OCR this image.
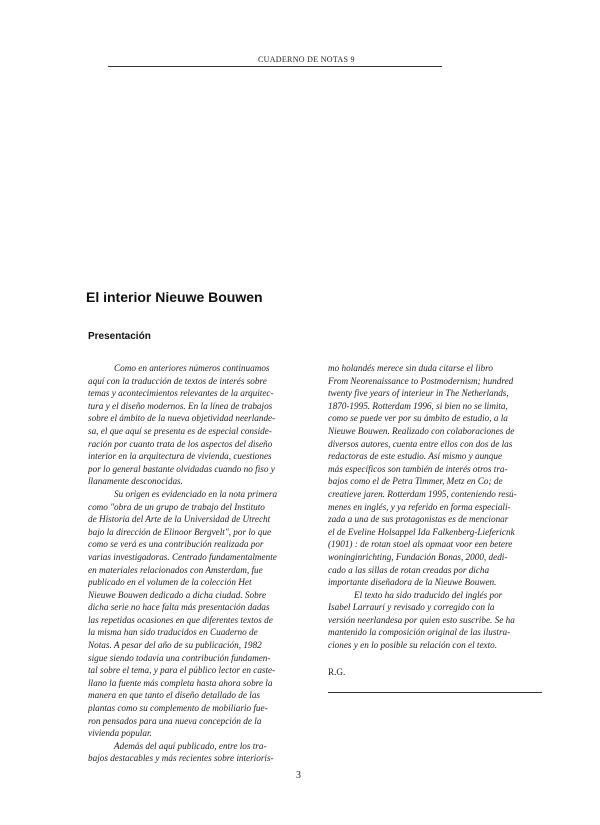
CUADERNO DE NOTAS 9
El interior Nieuwe Bouwen
Presentación

Como en anteriores números continuamos
aquí con la traducción de textos de interés sobre
temas y acontecimientos relevantes de la arquitec-
tura y el diseño modernos. En la línea de trabajos
sobre el ámbito de la nueva objetividad neerlande-
sa, el que aquí se presenta es de especial conside-
ración por cuanto trata de los aspectos del diseño
interior en la arquitectura de vivienda, cuestiones
por lo general bastante olvidadas cuando no fiso y
llanamente desconocidas.

Su origen es evidenciado en la nota primera
como "obra de un grupo de trabajo del Instituto
de Historia del Arte de la Universidad de Utrecht
bajo la dirección de Elinoor Bergvelt", por lo que
como se verá es una contribución realizada por
varias investigadoras. Centrado fundamentalmente
en materiales relacionados con Amsterdam, fue
publicado en el volumen de la colección Het
Nieuwe Bouwen dedicado a dicha ciudad. Sobre
dicha serie no hace falta más presentación dadas
las repetidas ocasiones en que diferentes textos de
la misma han sido traducidos en Cuaderno de
Notas. A pesar del año de su publicación, 1982
sigue siendo todavía una contribución fundamen-
tal sobre el tema, y para el público lector en caste-
llano la fuente más completa hasta ahora sobre la
manera en que tanto el diseño detallado de las
plantas como su complemento de mobiliario fue-
ron pensados para una nueva concepción de la
vivienda popular.

Además del aquí publicado, entre los tra-
bajos destacables y más recientes sobre interioris-

mo holandés merece sin duda citarse el libro
From Neorenaissance to Postmodernism; hundred
twenty five years of interieur in The Netherlands,
1870-1995. Rotterdam 1996, si bien no se limita,
como se puede ver por su ámbito de estudio, a la
Nieuwe Bouwen. Realizado con colaboraciones de
diversos autores, cuenta entre ellos con dos de las
redactoras de este estudio. Así mismo y aunque
más específicos son también de interés otros tra-
bajos como el de Petra Timmer, Metz en Co; de
creatieve jaren. Rotterdam 1995, conteniendo resú-
menes en inglés, y ya referido en forma especiali-
zada a una de sus protagonistas es de mencionar
el de Eveline Holsappel Ida Falkenberg-Liefericnk
(1901) : de rotan stoel als opmaat voor een betere
woninginrichting, Fundación Bonas, 2000, dedi-
cado a las sillas de rotan creadas por dicha
importante diseñadora de la Nieuwe Bouwen.

El texto ha sido traducido del inglés por
Isabel Larraurí y revisado y corregido con la
versión neerlandesa por quien esto suscribe. Se ha
mantenido la composición original de las ilustra-
ciones y en lo posible su relación con el texto.

R.G.
3
